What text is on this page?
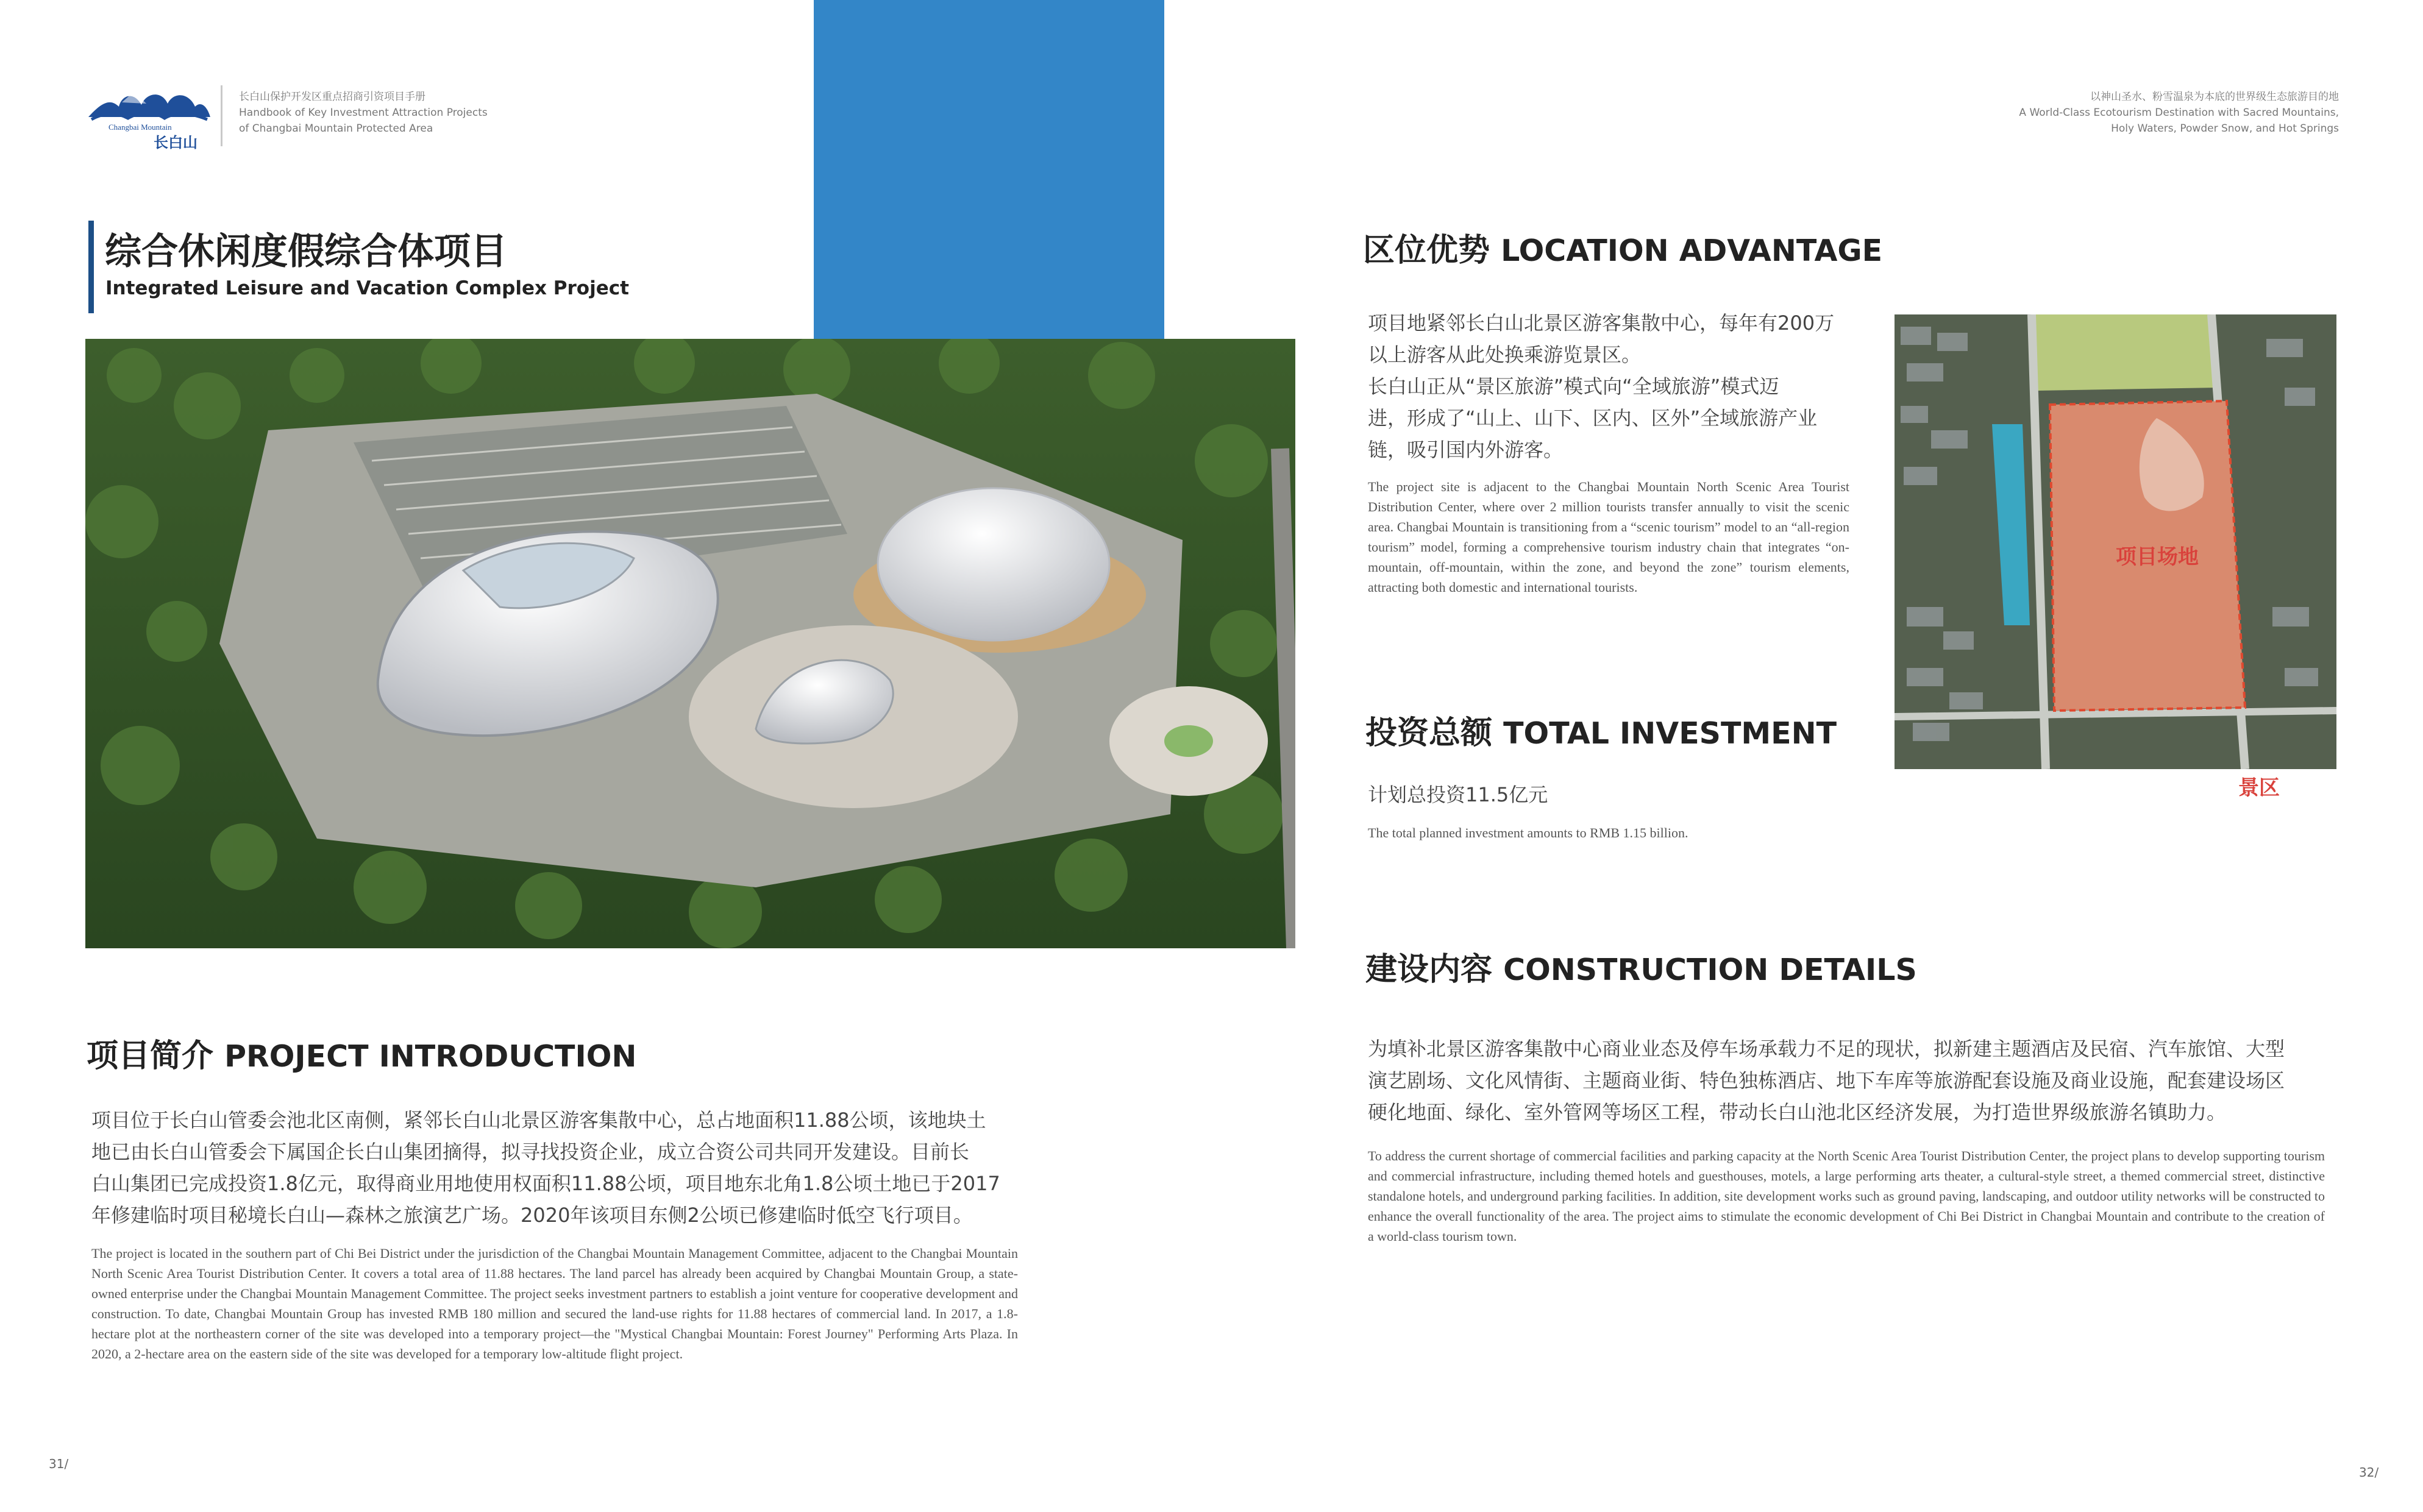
Changbai Mountain
长白山
长白山保护开发区重点招商引资项目手册
Handbook of Key Investment Attraction Projects
of Changbai Mountain Protected Area
以神山圣水、粉雪温泉为本底的世界级生态旅游目的地
A World-Class Ecotourism Destination with Sacred Mountains,
Holy Waters, Powder Snow, and Hot Springs
综合休闲度假综合体项目
Integrated Leisure and Vacation Complex Project
项目简介 PROJECT INTRODUCTION
项目位于长白山管委会池北区南侧，紧邻长白山北景区游客集散中心，总占地面积11.88公顷，该地块土
地已由长白山管委会下属国企长白山集团摘得，拟寻找投资企业，成立合资公司共同开发建设。目前长
白山集团已完成投资1.8亿元，取得商业用地使用权面积11.88公顷，项目地东北角1.8公顷土地已于2017
年修建临时项目秘境长白山—森林之旅演艺广场。2020年该项目东侧2公顷已修建临时低空飞行项目。
The project is located in the southern part of Chi Bei District under the jurisdiction of the Changbai Mountain Management Committee, adjacent to the Changbai Mountain North Scenic Area Tourist Distribution Center. It covers a total area of 11.88 hectares. The land parcel has already been acquired by Changbai Mountain Group, a state-owned enterprise under the Changbai Mountain Management Committee. The project seeks investment partners to establish a joint venture for cooperative development and construction. To date, Changbai Mountain Group has invested RMB 180 million and secured the land-use rights for 11.88 hectares of commercial land. In 2017, a 1.8-hectare plot at the northeastern corner of the site was developed into a temporary project—the "Mystical Changbai Mountain: Forest Journey" Performing Arts Plaza. In 2020, a 2-hectare area on the eastern side of the site was developed for a temporary low-altitude flight project.
区位优势 LOCATION ADVANTAGE
项目地紧邻长白山北景区游客集散中心，每年有200万
以上游客从此处换乘游览景区。
长白山正从“景区旅游”模式向“全域旅游”模式迈
进，形成了“山上、山下、区内、区外”全域旅游产业
链，吸引国内外游客。
The project site is adjacent to the Changbai Mountain North Scenic Area Tourist Distribution Center, where over 2 million tourists transfer annually to visit the scenic area. Changbai Mountain is transitioning from a “scenic tourism” model to an “all-region tourism” model, forming a comprehensive tourism industry chain that integrates “on-mountain, off-mountain, within the zone, and beyond the zone” tourism elements, attracting both domestic and international tourists.
投资总额 TOTAL INVESTMENT
计划总投资11.5亿元
The total planned investment amounts to RMB 1.15 billion.
项目场地
景区
建设内容 CONSTRUCTION DETAILS
为填补北景区游客集散中心商业业态及停车场承载力不足的现状，拟新建主题酒店及民宿、汽车旅馆、大型
演艺剧场、文化风情街、主题商业街、特色独栋酒店、地下车库等旅游配套设施及商业设施，配套建设场区
硬化地面、绿化、室外管网等场区工程，带动长白山池北区经济发展，为打造世界级旅游名镇助力。
To address the current shortage of commercial facilities and parking capacity at the North Scenic Area Tourist Distribution Center, the project plans to develop supporting tourism and commercial infrastructure, including themed hotels and guesthouses, motels, a large performing arts theater, a cultural-style street, a themed commercial street, distinctive standalone hotels, and underground parking facilities. In addition, site development works such as ground paving, landscaping, and outdoor utility networks will be constructed to enhance the overall functionality of the area. The project aims to stimulate the economic development of Chi Bei District in Changbai Mountain and contribute to the creation of a world-class tourism town.
31/
32/
